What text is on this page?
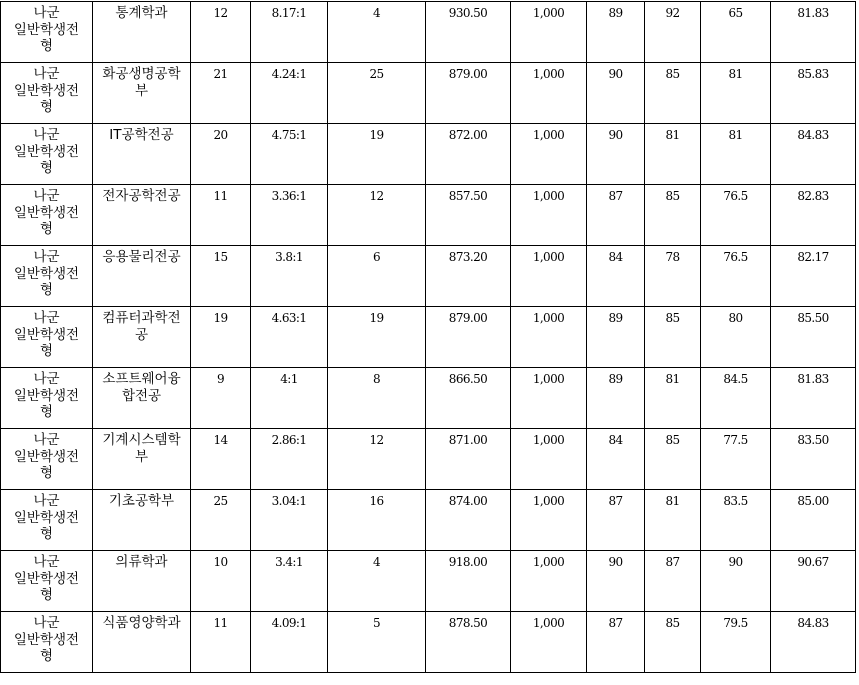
나군
일반학생전
형	통계학과	12	8.17:1	4	930.50	1,000	89	92	65	81.83

나군
일반학생전
형	화공생명공학
부	21	4.24:1	25	879.00	1,000	90	85	81	85.83

나군
일반학생전
형	IT공학전공	20	4.75:1	19	872.00	1,000	90	81	81	84.83

나군
일반학생전
형	전자공학전공	11	3.36:1	12	857.50	1,000	87	85	76.5	82.83

나군
일반학생전
형	응용물리전공	15	3.8:1	6	873.20	1,000	84	78	76.5	82.17

나군
일반학생전
형	컴퓨터과학전
공	19	4.63:1	19	879.00	1,000	89	85	80	85.50

나군
일반학생전
형	소프트웨어융
합전공	9	4:1	8	866.50	1,000	89	81	84.5	81.83

나군
일반학생전
형	기계시스템학
부	14	2.86:1	12	871.00	1,000	84	85	77.5	83.50

나군
일반학생전
형	기초공학부	25	3.04:1	16	874.00	1,000	87	81	83.5	85.00

나군
일반학생전
형	의류학과	10	3.4:1	4	918.00	1,000	90	87	90	90.67

나군
일반학생전
형	식품영양학과	11	4.09:1	5	878.50	1,000	87	85	79.5	84.83
